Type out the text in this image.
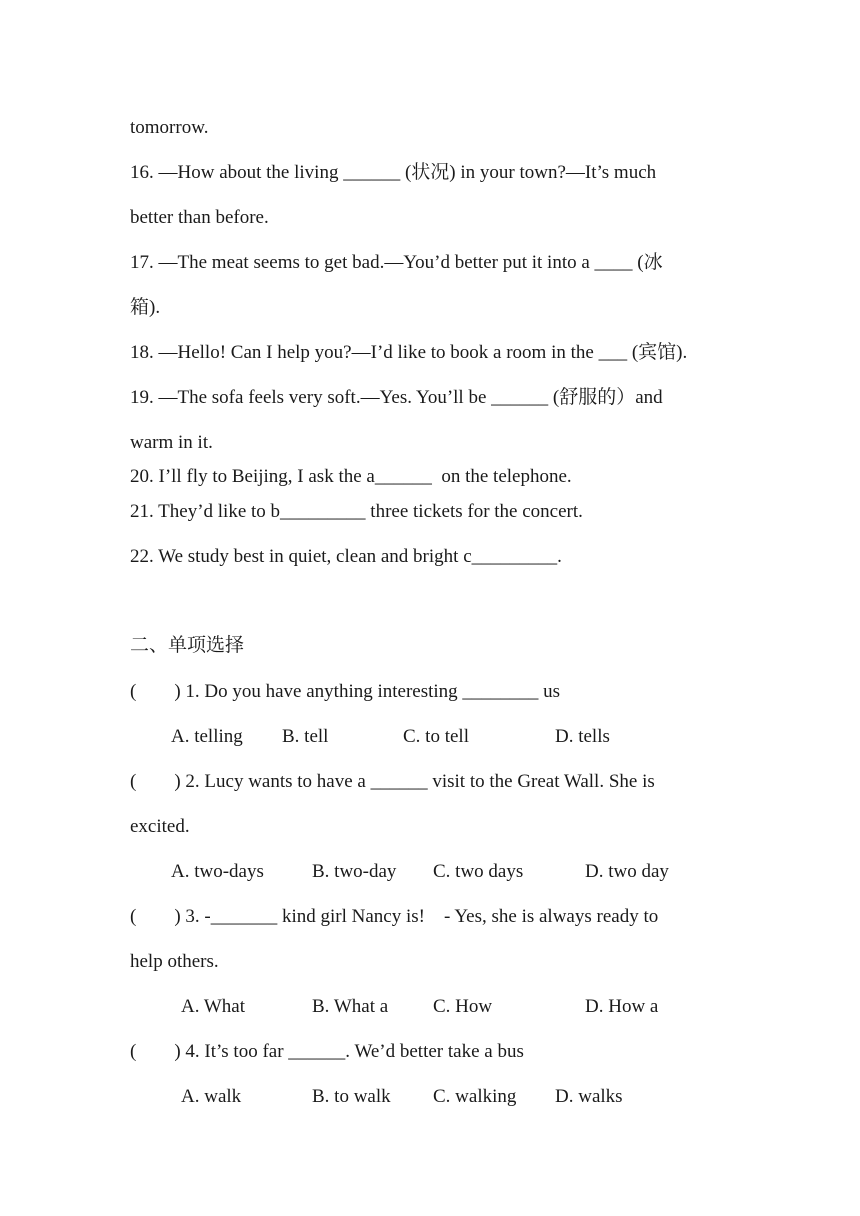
tomorrow.
16. —How about the living ______ (状况) in your town?—It’s much
better than before.
17. —The meat seems to get bad.—You’d better put it into a ____ (冰
箱).
18. —Hello! Can I help you?—I’d like to book a room in the ___ (宾馆).
19. —The sofa feels very soft.—Yes. You’ll be ______ (舒服的）and
warm in it.
20. I’ll fly to Beijing, I ask the a______  on the telephone.
21. They’d like to b_________ three tickets for the concert.
22. We study best in quiet, clean and bright c_________.
二、单项选择
(        ) 1. Do you have anything interesting ________ us
A. telling B. tell	C. to tell	D. tells
(        ) 2. Lucy wants to have a ______ visit to the Great Wall. She is
excited.
A. two-days	B. two-day C. two days	D. two day
(        ) 3. -_______ kind girl Nancy is!    - Yes, she is always ready to
help others.
A. What	B. What a C. How	D. How a
(        ) 4. It’s too far ______. We’d better take a bus
A. walk	B. to walk C. walking D. walks
